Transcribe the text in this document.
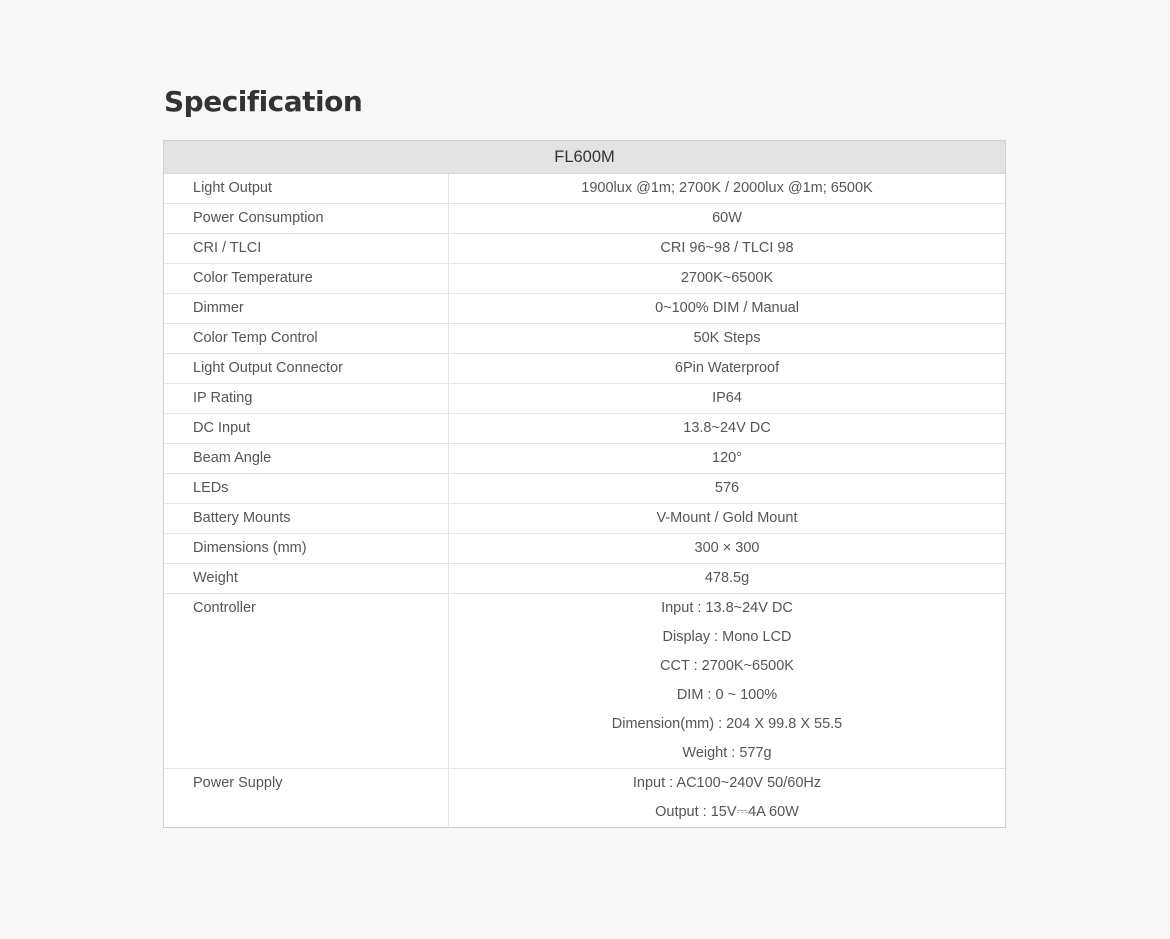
Specification
FL600M
Light Output	1900lux @1m; 2700K / 2000lux @1m; 6500K
Power Consumption	60W
CRI / TLCI	CRI 96~98 / TLCI 98
Color Temperature	2700K~6500K
Dimmer	0~100% DIM / Manual
Color Temp Control	50K Steps
Light Output Connector	6Pin Waterproof
IP Rating	IP64
DC Input	13.8~24V DC
Beam Angle	120°
LEDs	576
Battery Mounts	V-Mount / Gold Mount
Dimensions (mm)	300 × 300
Weight	478.5g
Controller	Input : 13.8~24V DC
Display : Mono LCD
CCT : 2700K~6500K
DIM : 0 ~ 100%
Dimension(mm) : 204 X 99.8 X 55.5
Weight : 577g
Power Supply	Input : AC100~240V 50/60Hz
Output : 15V⎓4A 60W
